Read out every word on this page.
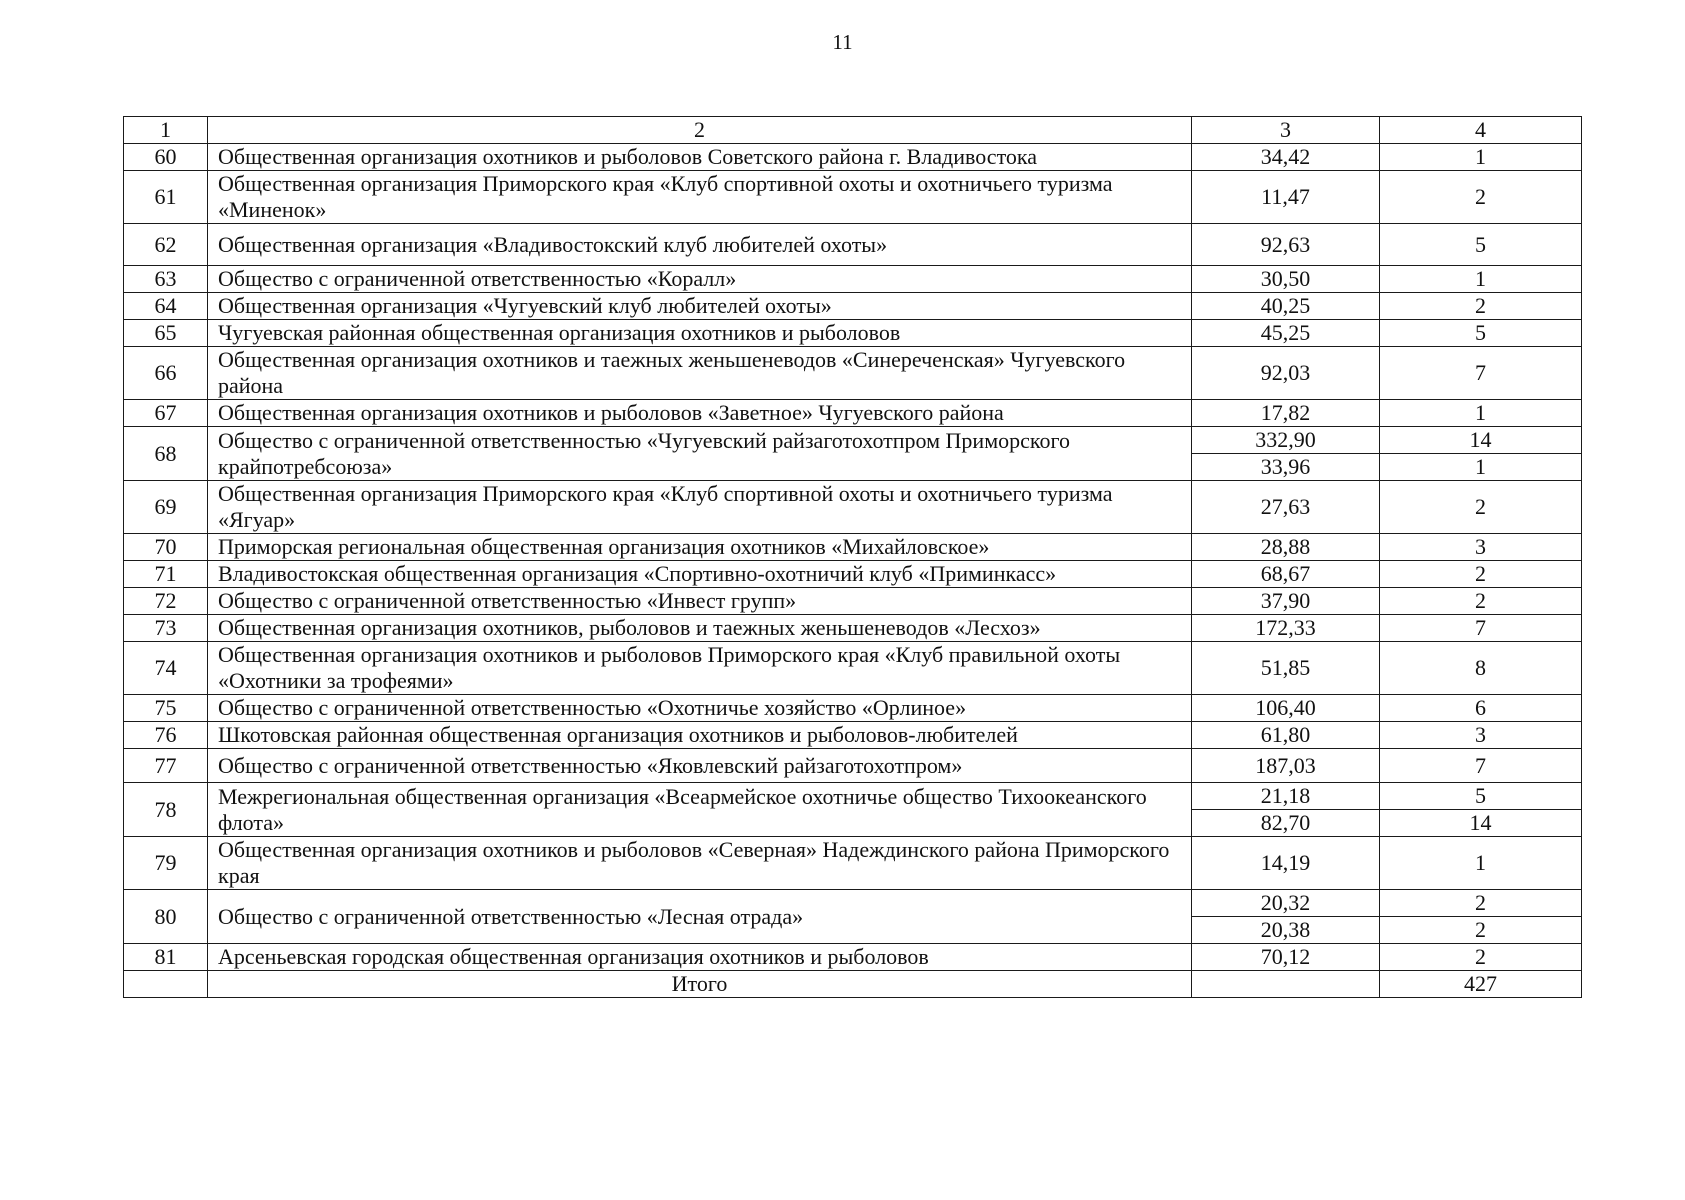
11
1	2	3	4
60	Общественная организация охотников и рыболовов Советского района г. Владивостока	34,42	1
61	Общественная организация Приморского края «Клуб спортивной охоты и охотничьего туризма «Миненок»	11,47	2
62	Общественная организация «Владивостокский клуб любителей охоты»	92,63	5
63	Общество с ограниченной ответственностью «Коралл»	30,50	1
64	Общественная организация «Чугуевский клуб любителей охоты»	40,25	2
65	Чугуевская районная общественная организация охотников и рыболовов	45,25	5
66	Общественная организация охотников и таежных женьшеневодов «Синереченская» Чугуевского района	92,03	7
67	Общественная организация охотников и рыболовов «Заветное» Чугуевского района	17,82	1
68	Общество с ограниченной ответственностью «Чугуевский райзаготохотпром Приморского крайпотребсоюза»	332,90	14
		33,96	1
69	Общественная организация Приморского края «Клуб спортивной охоты и охотничьего туризма «Ягуар»	27,63	2
70	Приморская региональная общественная организация охотников «Михайловское»	28,88	3
71	Владивостокская общественная организация «Спортивно-охотничий клуб «Приминкасс»	68,67	2
72	Общество с ограниченной ответственностью «Инвест групп»	37,90	2
73	Общественная организация охотников, рыболовов и таежных женьшеневодов «Лесхоз»	172,33	7
74	Общественная организация охотников и рыболовов Приморского края «Клуб правильной охоты «Охотники за трофеями»	51,85	8
75	Общество с ограниченной ответственностью «Охотничье хозяйство «Орлиное»	106,40	6
76	Шкотовская районная общественная организация охотников и рыболовов-любителей	61,80	3
77	Общество с ограниченной ответственностью «Яковлевский райзаготохотпром»	187,03	7
78	Межрегиональная общественная организация «Всеармейское охотничье общество Тихоокеанского флота»	21,18	5
		82,70	14
79	Общественная организация охотников и рыболовов «Северная» Надеждинского района Приморского края	14,19	1
80	Общество с ограниченной ответственностью «Лесная отрада»	20,32	2
		20,38	2
81	Арсеньевская городская общественная организация охотников и рыболовов	70,12	2
	Итого		427
